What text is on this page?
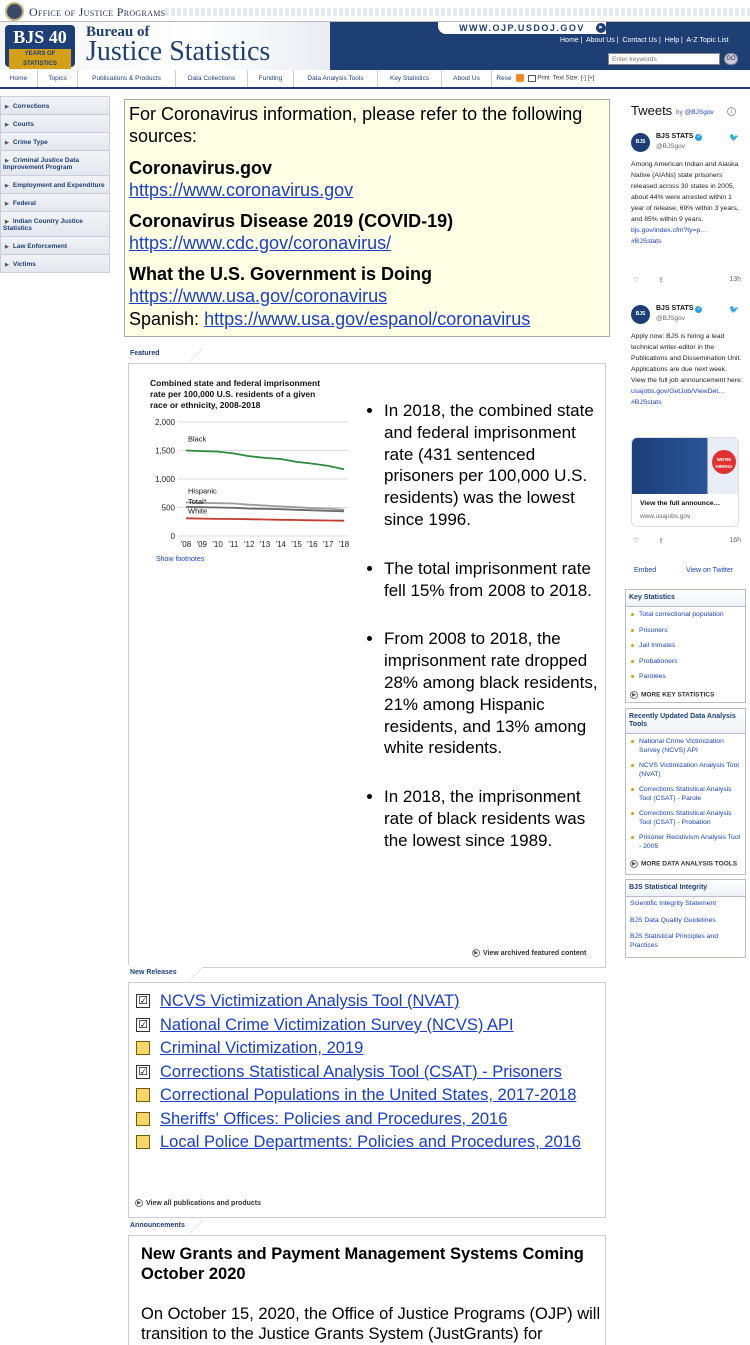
Office of Justice Programs
BJS 40
YEARS OF STATISTICS
Bureau of
Justice Statistics
WWW.OJP.USDOJ.GOV	▸
Home |  About Us |  Contact Us |  Help |  A-Z Topic List
Enter keywords
GO
Home	Topics	Publications & Products	Data Collections	Funding	Data Analysis Tools	Key Statistics	About Us	Rese	Print Text Size: [-] [+]
▶ Corrections
▶ Courts
▶ Crime Type
▶ Criminal Justice Data Improvement Program
▶ Employment and Expenditure
▶ Federal
▶ Indian Country Justice Statistics
▶ Law Enforcement
▶ Victims
For Coronavirus information, please refer to the following sources:
Coronavirus.gov
https://www.coronavirus.gov
Coronavirus Disease 2019 (COVID-19)
https://www.cdc.gov/coronavirus/
What the U.S. Government is Doing
https://www.usa.gov/coronavirus
Spanish: https://www.usa.gov/espanol/coronavirus
Featured
Combined state and federal imprisonment
rate per 100,000 U.S. residents of a given
race or ethnicity, 2008-2018
0
500
1,000
1,500
2,000
'08 '09 '10 '11 '12 '13 '14 '15 '16 '17 '18
Black
Hispanic
Total*
White
Show footnotes
• In 2018, the combined state and federal imprisonment rate (431 sentenced prisoners per 100,000 U.S. residents) was the lowest since 1996.
• The total imprisonment rate fell 15% from 2008 to 2018.
• From 2008 to 2018, the imprisonment rate dropped 28% among black residents, 21% among Hispanic residents, and 13% among white residents.
• In 2018, the imprisonment rate of black residents was the lowest since 1989.
▶ View archived featured content
New Releases
☑ NCVS Victimization Analysis Tool (NVAT)
☑ National Crime Victimization Survey (NCVS) API
Criminal Victimization, 2019
☑ Corrections Statistical Analysis Tool (CSAT) - Prisoners
Correctional Populations in the United States, 2017-2018
Sheriffs' Offices: Policies and Procedures, 2016
Local Police Departments: Policies and Procedures, 2016
▶ View all publications and products
Announcements
New Grants and Payment Management Systems Coming October 2020

On October 15, 2020, the Office of Justice Programs (OJP) will transition to the Justice Grants System (JustGrants) for

Tweets by @BJSgov	i
BJS
BJS STATS ✓
@BJSgov
🐦
Among American Indian and Alaska Native (AIANs) state prisoners released across 30 states in 2005, about 44% were arrested within 1 year of release, 69% within 3 years, and 85% within 9 years.
bjs.gov/index.cfm?ty=p…
#BJSstats
♡	⇪	13h
BJS
BJS STATS ✓
@BJSgov
🐦
Apply now: BJS is hiring a lead technical writer-editor in the Publications and Dissemination Unit. Applications are due next week. View the full job announcement here:
usajobs.gov/GetJob/ViewDet…
#BJSstats
♡	⇪	16h
WE'RE HIRING!
View the full announce…
www.usajobs.gov
Embed	View on Twitter
Key Statistics
Total correctional population
Prisoners
Jail Inmates
Probationers
Parolees
▶ MORE KEY STATISTICS
Recently Updated Data Analysis Tools
National Crime Victimization Survey (NCVS) API
NCVS Victimization Analysis Tool (NVAT)
Corrections Statistical Analysis Tool (CSAT) - Parole
Corrections Statistical Analysis Tool (CSAT) - Probation
Prisoner Recidivism Analysis Tool - 2005
▶ MORE DATA ANALYSIS TOOLS
BJS Statistical Integrity
Scientific Integrity Statement
BJS Data Quality Guidelines
BJS Statistical Principles and Practices
